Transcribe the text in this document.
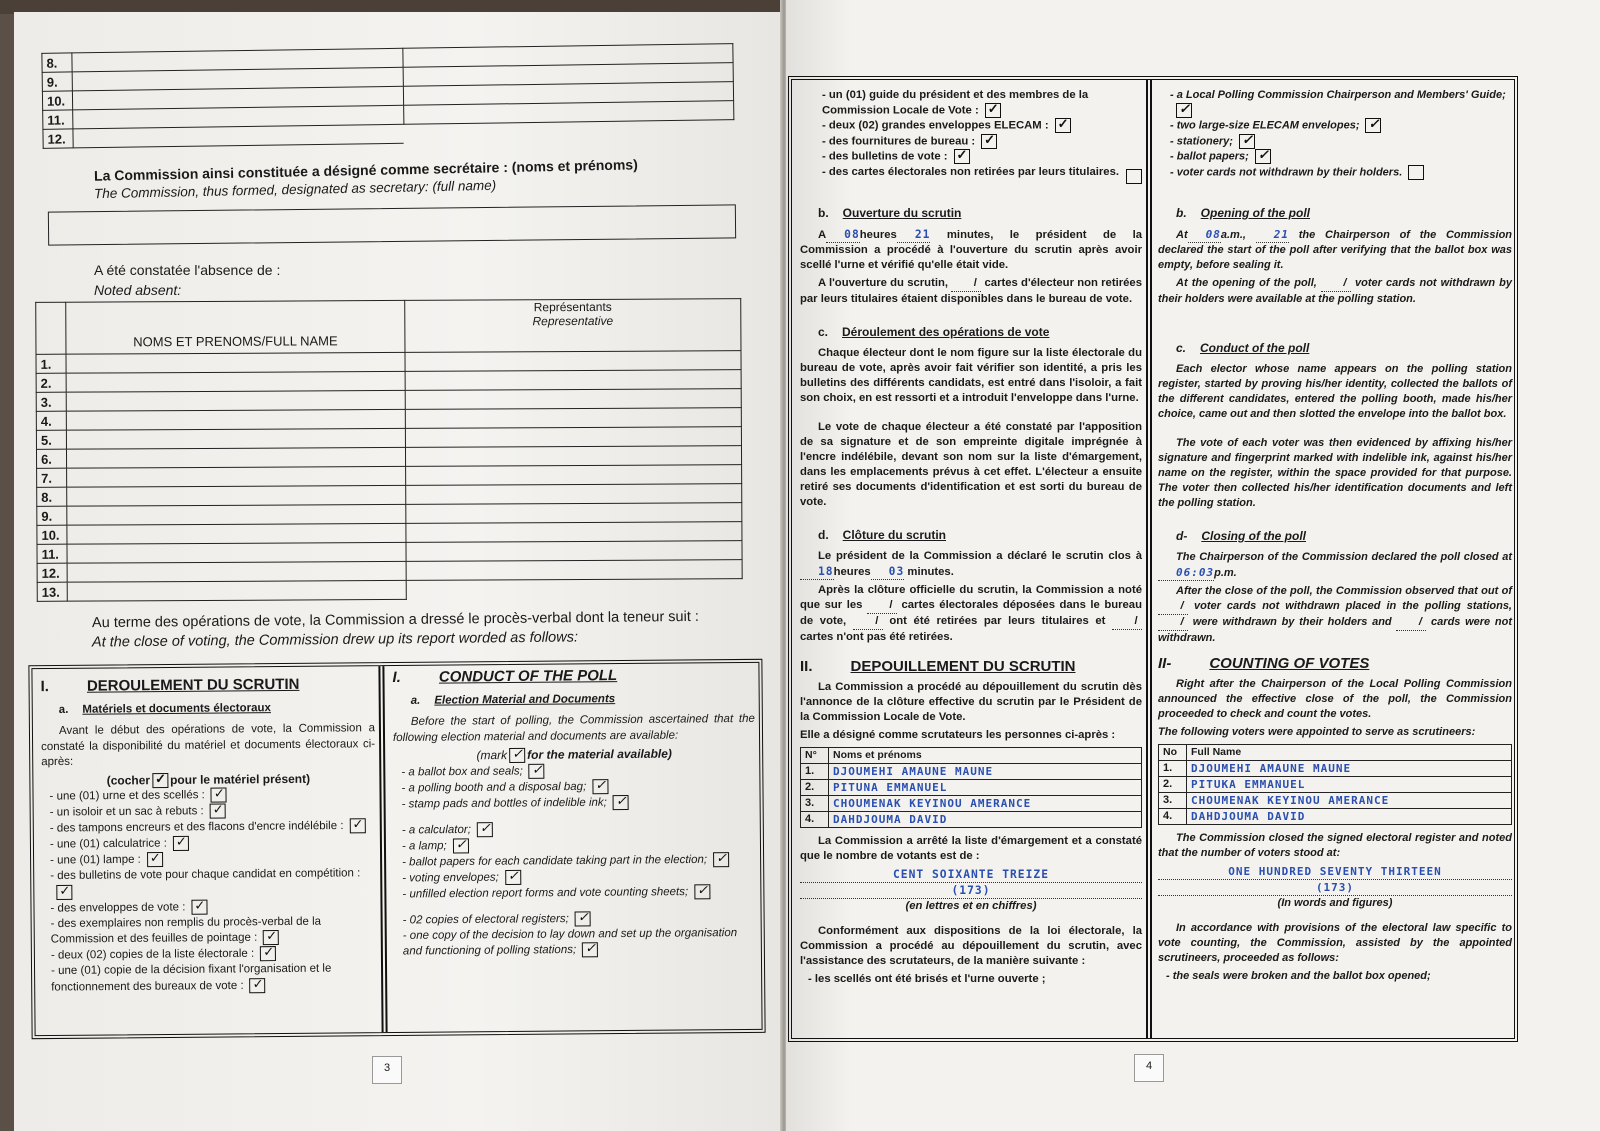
8.		
9.		
10.		
11.		
12.		
La Commission ainsi constituée a désigné comme secrétaire : (noms et prénoms)
The Commission, thus formed, designated as secretary: (full name)
A été constatée l'absence de :
Noted absent:
	NOMS ET PRENOMS/FULL NAME	Représentants
Representative

1.		
2.		
3.		
4.		
5.		
6.		
7.		
8.		
9.		
10.		
11.		
12.		
13.		
Au terme des opérations de vote, la Commission a dressé le procès-verbal dont la teneur suit :
At the close of voting, the Commission drew up its report worded as follows:
I.	DEROULEMENT DU SCRUTIN
a. Matériels et documents électoraux

Avant le début des opérations de vote, la Commission a constaté la disponibilité du matériel et documents électoraux ci-après:

(cocher ✓ pour le matériel présent)
- une (01) urne et des scellés :✓
- un isoloir et un sac à rebuts :✓
- des tampons encreurs et des flacons d'encre indélébile :✓
- une (01) calculatrice :✓
- une (01) lampe :✓
- des bulletins de vote pour chaque candidat en compétition :✓
- des enveloppes de vote :✓
- des exemplaires non remplis du procès-verbal de la Commission et des feuilles de pointage :✓
- deux (02) copies de la liste électorale :✓
- une (01) copie de la décision fixant l'organisation et le fonctionnement des bureaux de vote :✓
I.	CONDUCT OF THE POLL
a. Election Material and Documents

Before the start of polling, the Commission ascertained that the following election material and documents are available:

(mark ✓ for the material available)
- a ballot box and seals;✓
- a polling booth and a disposal bag;✓
- stamp pads and bottles of indelible ink;✓
- a calculator;✓
- a lamp;✓
- ballot papers for each candidate taking part in the election;✓
- voting envelopes;✓
- unfilled election report forms and vote counting sheets;✓
- 02 copies of electoral registers;✓
- one copy of the decision to lay down and set up the organisation and functioning of polling stations;✓
3
- un (01) guide du président et des membres de la Commission Locale de Vote :✓
- deux (02) grandes enveloppes ELECAM :✓
- des fournitures de bureau :✓
- des bulletins de vote :✓
- des cartes électorales non retirées par leurs titulaires.
b. Ouverture du scrutin

A 08heures 21 minutes, le président de la Commission a procédé à l'ouverture du scrutin après avoir scellé l'urne et vérifié qu'elle était vide.

A l'ouverture du scrutin, / cartes d'électeur non retirées par leurs titulaires étaient disponibles dans le bureau de vote.

c. Déroulement des opérations de vote

Chaque électeur dont le nom figure sur la liste électorale du bureau de vote, après avoir fait vérifier son identité, a pris les bulletins des différents candidats, est entré dans l'isoloir, a fait son choix, en est ressorti et a introduit l'enveloppe dans l'urne.

Le vote de chaque électeur a été constaté par l'apposition de sa signature et de son empreinte digitale imprégnée à l'encre indélébile, devant son nom sur la liste d'émargement, dans les emplacements prévus à cet effet. L'électeur a ensuite retiré ses documents d'identification et est sorti du bureau de vote.

d. Clôture du scrutin

Le président de la Commission a déclaré le scrutin clos à 18heures 03 minutes.

Après la clôture officielle du scrutin, la Commission a noté que sur les / cartes électorales déposées dans le bureau de vote,	/ ont été retirées par leurs titulaires et	/ cartes n'ont pas été retirées.

II.	DEPOUILLEMENT DU SCRUTIN

La Commission a procédé au dépouillement du scrutin dès l'annonce de la clôture effective du scrutin par le Président de la Commission Locale de Vote.

Elle a désigné comme scrutateurs les personnes ci-après :
N°	Noms et prénoms
1.	DJOUMEHI AMAUNE MAUNE
2.	PITUNA EMMANUEL
3.	CHOUMENAK KEYINOU AMERANCE
4.	DAHDJOUMA DAVID

La Commission a arrêté la liste d'émargement et a constaté que le nombre de votants est de :

CENT SOIXANTE TREIZE
(173)
(en lettres et en chiffres)

Conformément aux dispositions de la loi électorale, la Commission a procédé au dépouillement du scrutin, avec l'assistance des scrutateurs, de la manière suivante :

- les scellés ont été brisés et l'urne ouverte ;
- a Local Polling Commission Chairperson and Members' Guide;✓
- two large-size ELECAM envelopes;✓
- stationery;✓
- ballot papers;✓
- voter cards not withdrawn by their holders.
b. Opening of the poll

At 08a.m.,	21 the Chairperson of the Commission declared the start of the poll after verifying that the ballot box was empty, before sealing it.

At the opening of the poll, / voter cards not withdrawn by their holders were available at the polling station.

c. Conduct of the poll

Each elector whose name appears on the polling station register, started by proving his/her identity, collected the ballots of the different candidates, entered the polling booth, made his/her choice, came out and then slotted the envelope into the ballot box.

The vote of each voter was then evidenced by affixing his/her signature and fingerprint marked with indelible ink, against his/her name on the register, within the space provided for that purpose. The voter then collected his/her identification documents and left the polling station.

d- Closing of the poll

The Chairperson of the Commission declared the poll closed at 06:03p.m.

After the close of the poll, the Commission observed that out of / voter cards not withdrawn placed in the polling stations, / were withdrawn by their holders and / cards were not withdrawn.

II-	COUNTING OF VOTES

Right after the Chairperson of the Local Polling Commission announced the effective close of the poll, the Commission proceeded to check and count the votes.

The following voters were appointed to serve as scrutineers:
No	Full Name
1.	DJOUMEHI AMAUNE MAUNE
2.	PITUKA EMMANUEL
3.	CHOUMENAK KEYINOU AMERANCE
4.	DAHDJOUMA DAVID

The Commission closed the signed electoral register and noted that the number of voters stood at:

ONE HUNDRED SEVENTY THIRTEEN
(173)
(In words and figures)

In accordance with provisions of the electoral law specific to vote counting, the Commission, assisted by the appointed scrutineers, proceeded as follows:

- the seals were broken and the ballot box opened;
4
